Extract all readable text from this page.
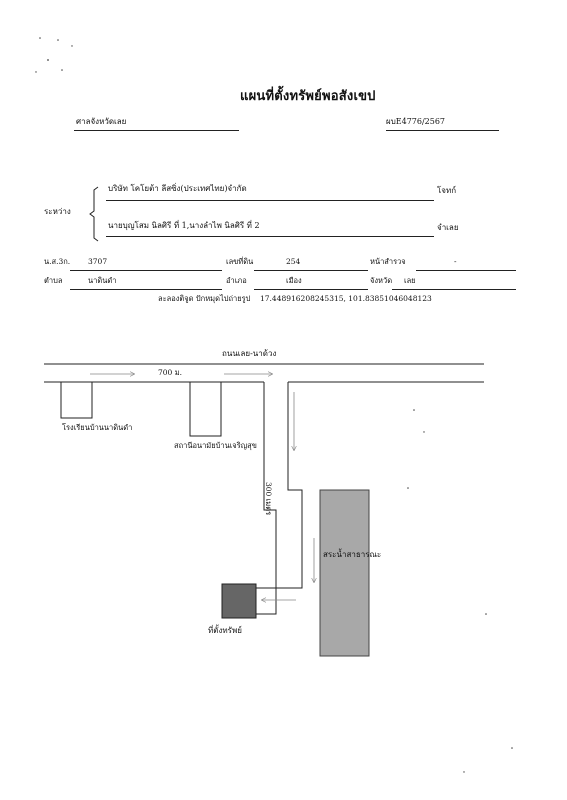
แผนที่ตั้งทรัพย์พอสังเขป
ศาลจังหวัดเลย	ผบE4776/2567
ระหว่าง
บริษัท โคโยต้า ลีสซิ่ง(ประเทศไทย)จำกัด	โจทก์
นายบุญโสม นิลศิรี ที่ 1,นางลำไพ นิลศิรี ที่ 2	จำเลย
น.ส.3ก. 3707	เลขที่ดิน	254	หน้าสำรวจ	-
ตำบล	นาดินดำ	อำเภอ	เมือง	จังหวัด เลย
ละลองติจูด ปักหมุดไปถ่ายรูป 17.448916208245315, 101.83851046048123
ถนนเลย-นาด้วง
700 ม.
300 เมตร
โรงเรียนบ้านนาดินดำ
สถานีอนามัยบ้านเจริญสุข
สระน้ำสาธารณะ
ที่ตั้งทรัพย์
